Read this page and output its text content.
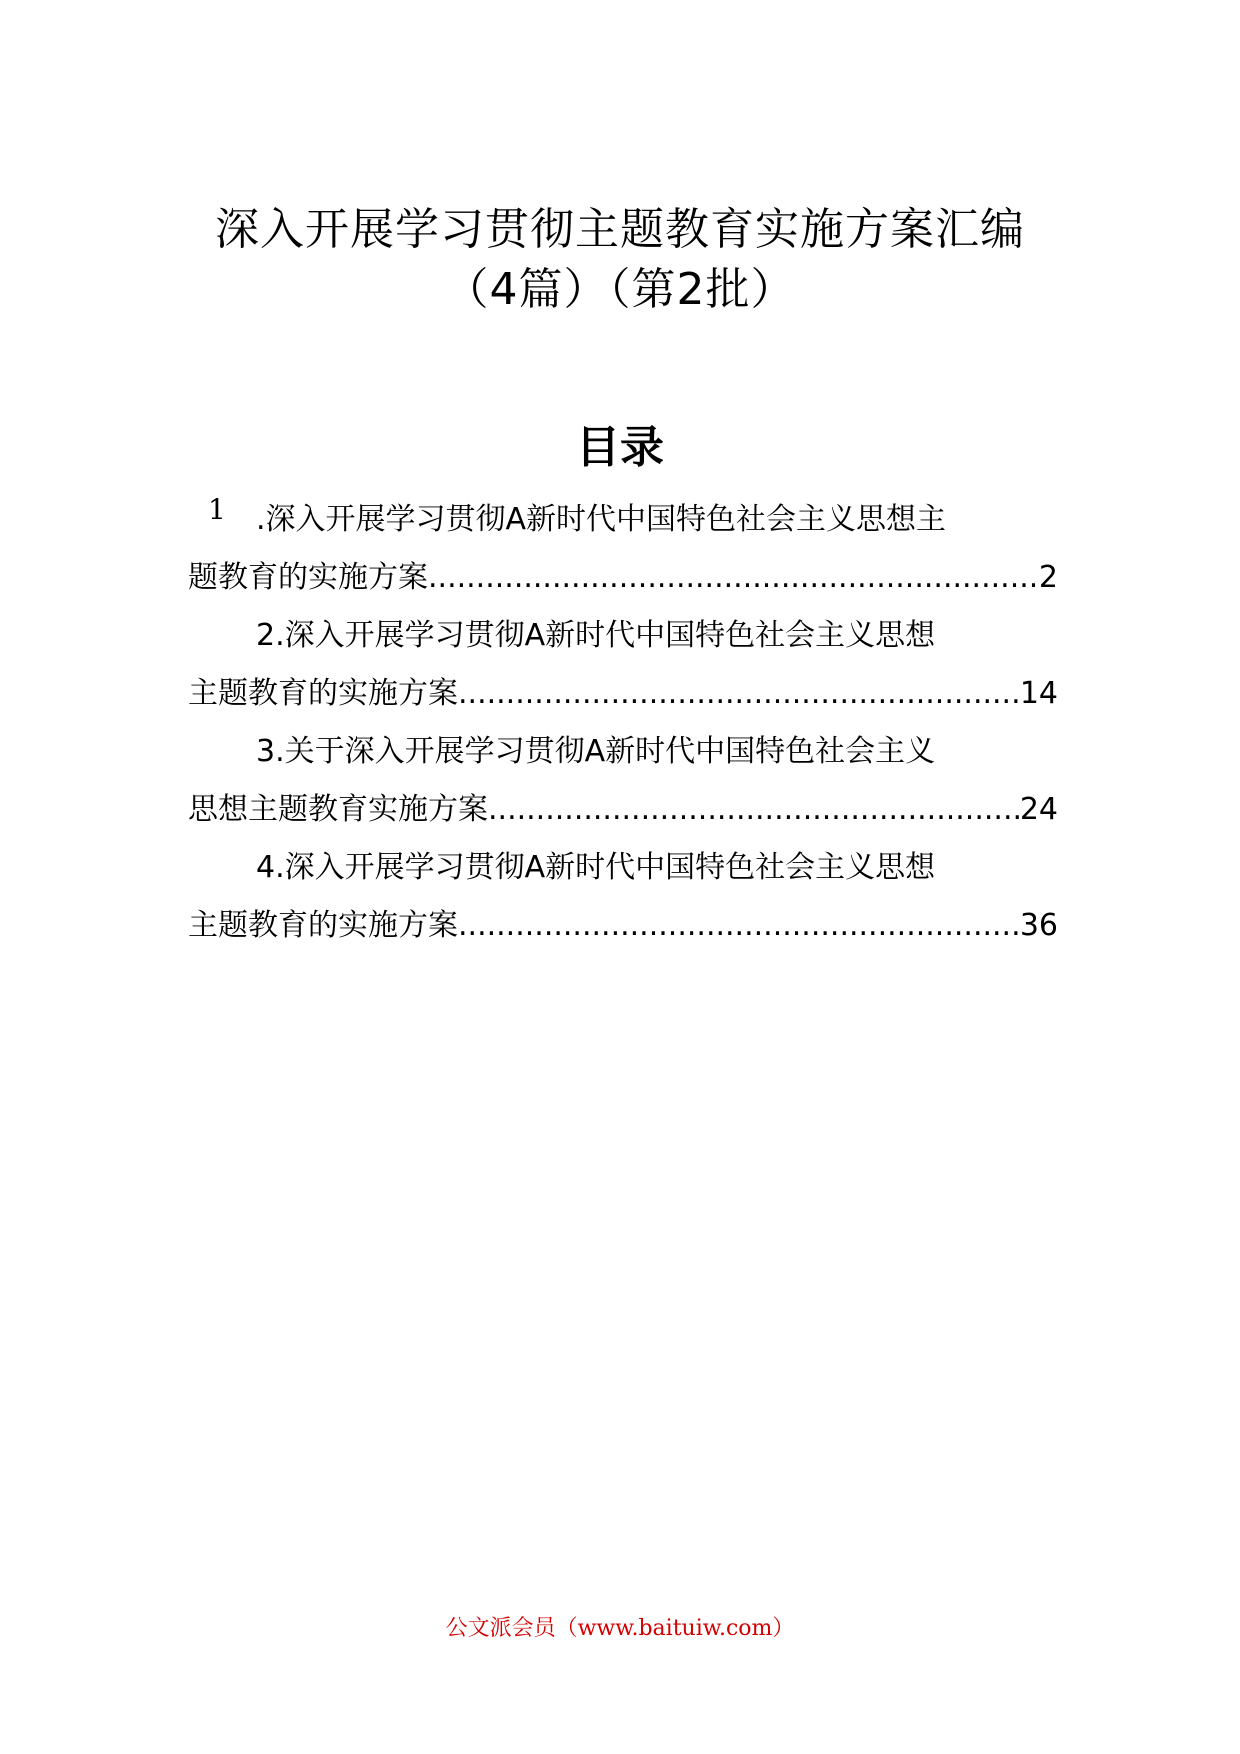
深入开展学习贯彻主题教育实施方案汇编
（4篇）（第2批）
目录
1	.深入开展学习贯彻A新时代中国特色社会主义思想主
题教育的实施方案 .....	2
2.深入开展学习贯彻A新时代中国特色社会主义思想
主题教育的实施方案 .....	14
3.关于深入开展学习贯彻A新时代中国特色社会主义
思想主题教育实施方案 .....	24
4.深入开展学习贯彻A新时代中国特色社会主义思想
主题教育的实施方案 .....	36
公文派会员（www.baituiw.com）
